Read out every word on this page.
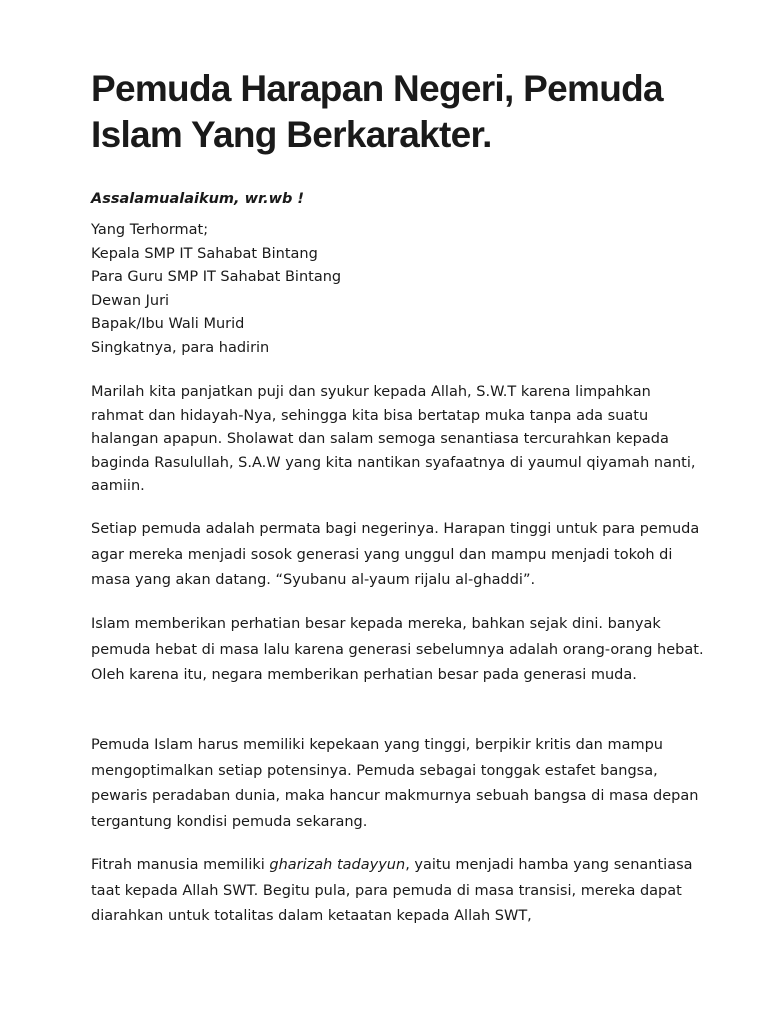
Pemuda Harapan Negeri, Pemuda Islam Yang Berkarakter.

Assalamualaikum, wr.wb !

Yang Terhormat;
Kepala SMP IT Sahabat Bintang
Para Guru SMP IT Sahabat Bintang
Dewan Juri
Bapak/Ibu Wali Murid
Singkatnya, para hadirin

Marilah kita panjatkan puji dan syukur kepada Allah, S.W.T karena limpahkan rahmat dan hidayah-Nya, sehingga kita bisa bertatap muka tanpa ada suatu halangan apapun. Sholawat dan salam semoga senantiasa tercurahkan kepada baginda Rasulullah, S.A.W yang kita nantikan syafaatnya di yaumul qiyamah nanti, aamiin.

Setiap pemuda adalah permata bagi negerinya. Harapan tinggi untuk para pemuda agar mereka menjadi sosok generasi yang unggul dan mampu menjadi tokoh di masa yang akan datang. “Syubanu al-yaum rijalu al-ghaddi”.

Islam memberikan perhatian besar kepada mereka, bahkan sejak dini. banyak pemuda hebat di masa lalu karena generasi sebelumnya adalah orang-orang hebat. Oleh karena itu, negara memberikan perhatian besar pada generasi muda.

Pemuda Islam harus memiliki kepekaan yang tinggi, berpikir kritis dan mampu mengoptimalkan setiap potensinya. Pemuda sebagai tonggak estafet bangsa, pewaris peradaban dunia, maka hancur makmurnya sebuah bangsa di masa depan tergantung kondisi pemuda sekarang.

Fitrah manusia memiliki gharizah tadayyun, yaitu menjadi hamba yang senantiasa taat kepada Allah SWT. Begitu pula, para pemuda di masa transisi, mereka dapat diarahkan untuk totalitas dalam ketaatan kepada Allah SWT,
